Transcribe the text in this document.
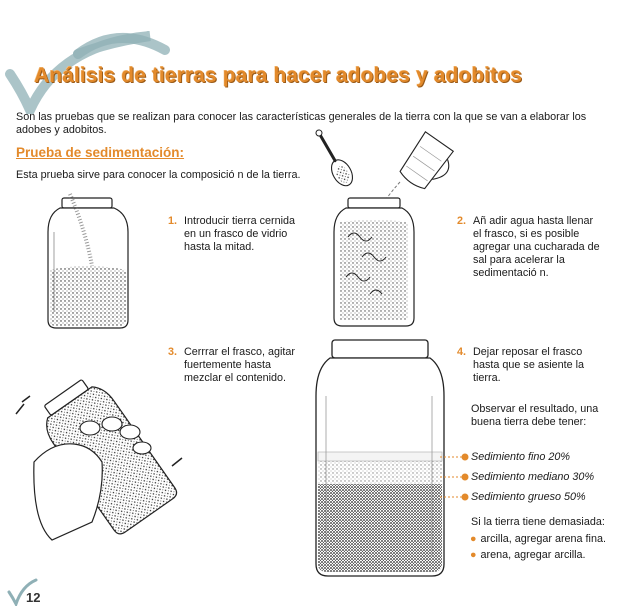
Análisis de tierras para hacer adobes y adobitos
Son las pruebas que se realizan para conocer las características generales de la tierra con la que se van a elaborar los adobes y adobitos.
Prueba de sedimentación:
Esta prueba sirve para conocer la composició n de la tierra.
1. Introducir tierra cernida en un frasco de vidrio hasta la mitad.
2. Añ adir agua hasta llenar el frasco, si es posible agregar una cucharada de sal para acelerar la sedimentació n.
3. Cerrrar el frasco, agitar fuertemente hasta mezclar el contenido.
4. Dejar reposar el frasco hasta que se asiente la tierra.
Observar el resultado, una buena tierra debe tener:
Sedimiento fino 20%
Sedimiento mediano 30%
Sedimiento grueso 50%
Si la tierra tiene demasiada:
● arcilla, agregar arena fina.
● arena, agregar arcilla.
12
